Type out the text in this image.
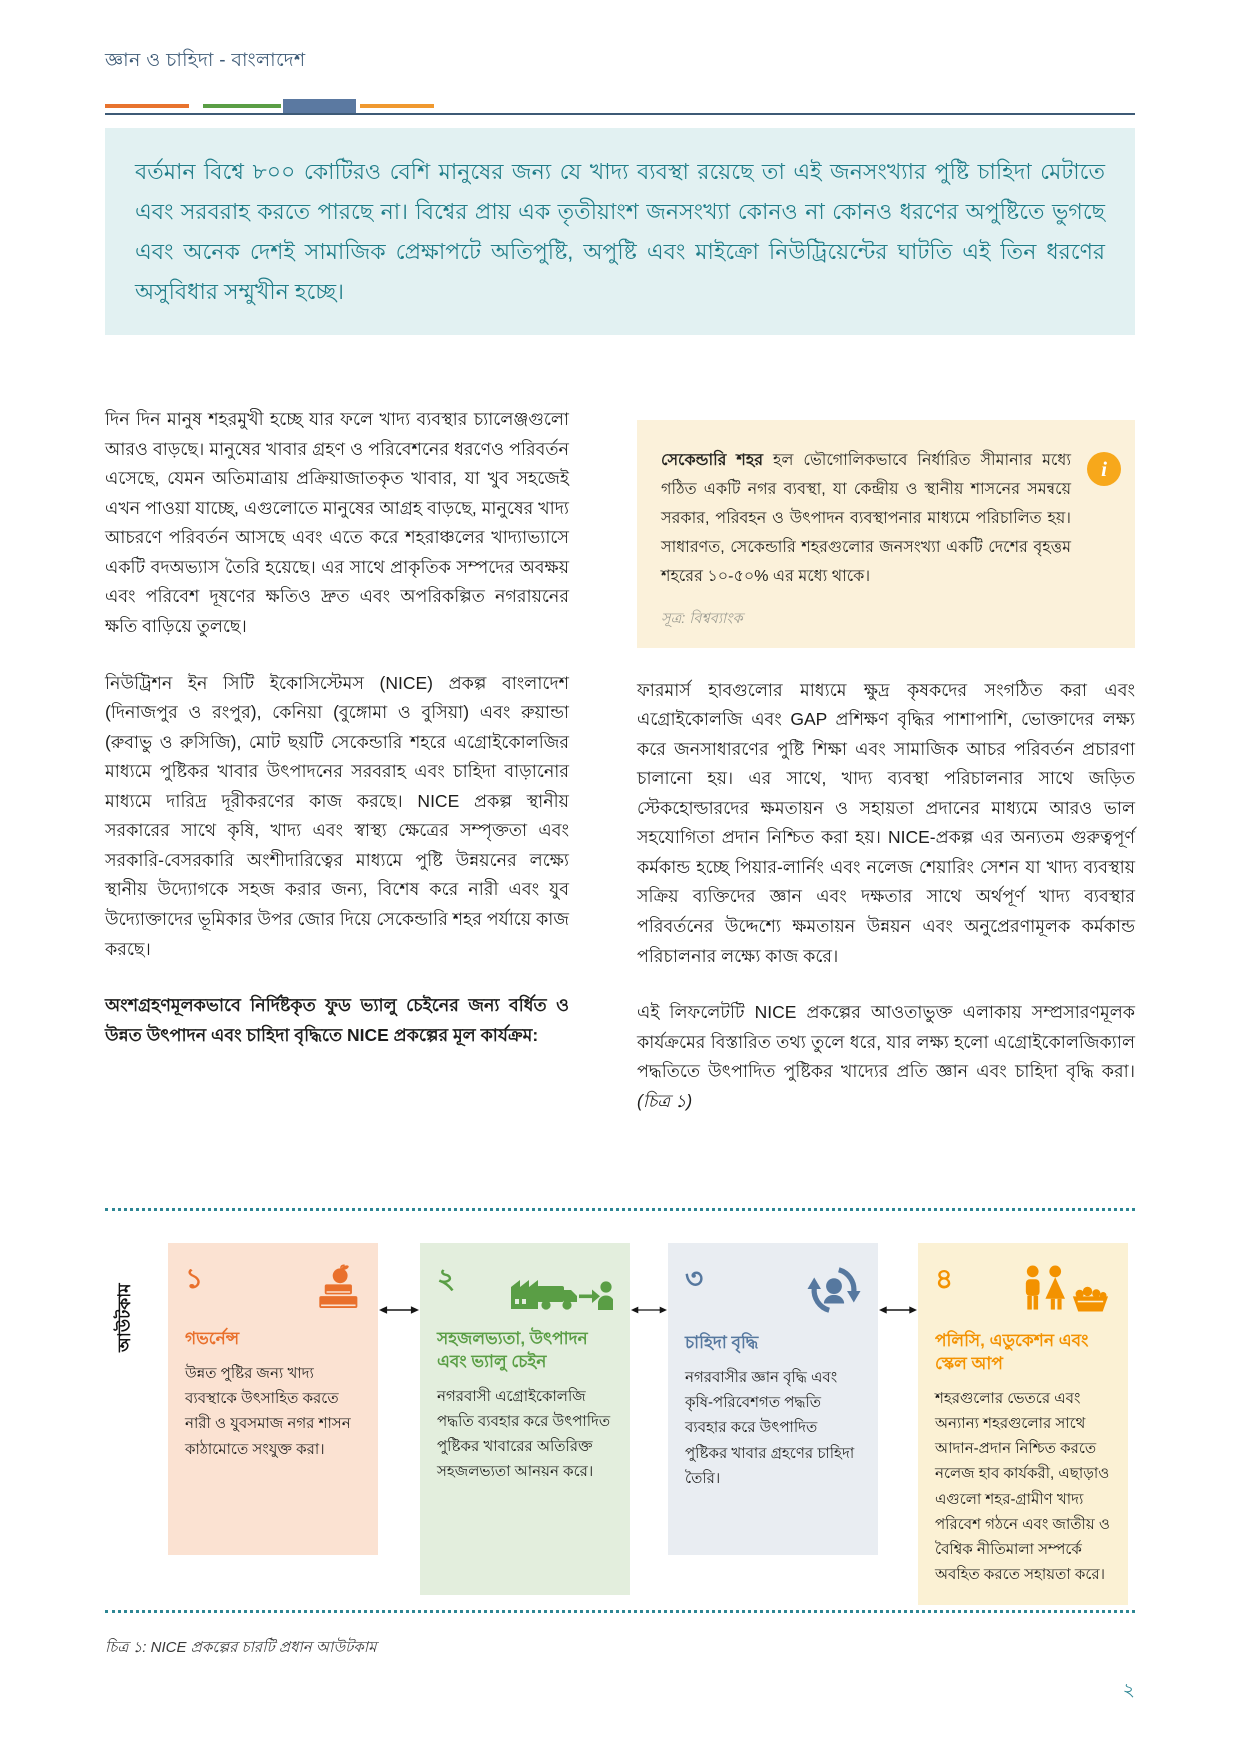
জ্ঞান ও চাহিদা - বাংলাদেশ

বর্তমান বিশ্বে ৮০০ কোটিরও বেশি মানুষের জন্য যে খাদ্য ব্যবস্থা রয়েছে তা এই জনসংখ্যার পুষ্টি চাহিদা মেটাতে এবং সরবরাহ করতে পারছে না। বিশ্বের প্রায় এক তৃতীয়াংশ জনসংখ্যা কোনও না কোনও ধরণের অপুষ্টিতে ভুগছে এবং অনেক দেশই সামাজিক প্রেক্ষাপটে অতিপুষ্টি, অপুষ্টি এবং মাইক্রো নিউট্রিয়েন্টের ঘাটতি এই তিন ধরণের অসুবিধার সম্মুখীন হচ্ছে।

দিন দিন মানুষ শহরমুখী হচ্ছে যার ফলে খাদ্য ব্যবস্থার চ্যালেঞ্জগুলো আরও বাড়ছে। মানুষের খাবার গ্রহণ ও পরিবেশনের ধরণেও পরিবর্তন এসেছে, যেমন অতিমাত্রায় প্রক্রিয়াজাতকৃত খাবার, যা খুব সহজেই এখন পাওয়া যাচ্ছে, এগুলোতে মানুষের আগ্রহ বাড়ছে, মানুষের খাদ্য আচরণে পরিবর্তন আসছে এবং এতে করে শহরাঞ্চলের খাদ্যাভ্যাসে একটি বদঅভ্যাস তৈরি হয়েছে। এর সাথে প্রাকৃতিক সম্পদের অবক্ষয় এবং পরিবেশ দূষণের ক্ষতিও দ্রুত এবং অপরিকল্পিত নগরায়নের ক্ষতি বাড়িয়ে তুলছে।

নিউট্রিশন ইন সিটি ইকোসিস্টেমস (NICE) প্রকল্প বাংলাদেশ (দিনাজপুর ও রংপুর), কেনিয়া (বুঙ্গোমা ও বুসিয়া) এবং রুয়ান্ডা (রুবাভু ও রুসিজি), মোট ছয়টি সেকেন্ডারি শহরে এগ্রোইকোলজির মাধ্যমে পুষ্টিকর খাবার উৎপাদনের সরবরাহ এবং চাহিদা বাড়ানোর মাধ্যমে দারিদ্র দূরীকরণের কাজ করছে। NICE প্রকল্প স্থানীয় সরকারের সাথে কৃষি, খাদ্য এবং স্বাস্থ্য ক্ষেত্রের সম্পৃক্ততা এবং সরকারি-বেসরকারি অংশীদারিত্বের মাধ্যমে পুষ্টি উন্নয়নের লক্ষ্যে স্থানীয় উদ্যোগকে সহজ করার জন্য, বিশেষ করে নারী এবং যুব উদ্যোক্তাদের ভূমিকার উপর জোর দিয়ে সেকেন্ডারি শহর পর্যায়ে কাজ করছে।

অংশগ্রহণমূলকভাবে নির্দিষ্টকৃত ফুড ভ্যালু চেইনের জন্য বর্ধিত ও উন্নত উৎপাদন এবং চাহিদা বৃদ্ধিতে NICE প্রকল্পের মূল কার্যক্রম:

সেকেন্ডারি শহর হল ভৌগোলিকভাবে নির্ধারিত সীমানার মধ্যে গঠিত একটি নগর ব্যবস্থা, যা কেন্দ্রীয় ও স্থানীয় শাসনের সমন্বয়ে সরকার, পরিবহন ও উৎপাদন ব্যবস্থাপনার মাধ্যমে পরিচালিত হয়। সাধারণত, সেকেন্ডারি শহরগুলোর জনসংখ্যা একটি দেশের বৃহত্তম শহরের ১০-৫০% এর মধ্যে থাকে।

সূত্র: বিশ্বব্যাংক

i

ফারমার্স হাবগুলোর মাধ্যমে ক্ষুদ্র কৃষকদের সংগঠিত করা এবং এগ্রোইকোলজি এবং GAP প্রশিক্ষণ বৃদ্ধির পাশাপাশি, ভোক্তাদের লক্ষ্য করে জনসাধারণের পুষ্টি শিক্ষা এবং সামাজিক আচর পরিবর্তন প্রচারণা চালানো হয়। এর সাথে, খাদ্য ব্যবস্থা পরিচালনার সাথে জড়িত স্টেকহোল্ডারদের ক্ষমতায়ন ও সহায়তা প্রদানের মাধ্যমে আরও ভাল সহযোগিতা প্রদান নিশ্চিত করা হয়। NICE-প্রকল্প এর অন্যতম গুরুত্বপূর্ণ কর্মকান্ড হচ্ছে পিয়ার-লার্নিং এবং নলেজ শেয়ারিং সেশন যা খাদ্য ব্যবস্থায় সক্রিয় ব্যক্তিদের জ্ঞান এবং দক্ষতার সাথে অর্থপূর্ণ খাদ্য ব্যবস্থার পরিবর্তনের উদ্দেশ্যে ক্ষমতায়ন উন্নয়ন এবং অনুপ্রেরণামূলক কর্মকান্ড পরিচালনার লক্ষ্যে কাজ করে।

এই লিফলেটটি NICE প্রকল্পের আওতাভুক্ত এলাকায় সম্প্রসারণমূলক কার্যক্রমের বিস্তারিত তথ্য তুলে ধরে, যার লক্ষ্য হলো এগ্রোইকোলজিক্যাল পদ্ধতিতে উৎপাদিত পুষ্টিকর খাদ্যের প্রতি জ্ঞান এবং চাহিদা বৃদ্ধি করা। (চিত্র ১)

আউটকাম
১
গভর্নেন্স

উন্নত পুষ্টির জন্য খাদ্য ব্যবস্থাকে উৎসাহিত করতে নারী ও যুবসমাজ নগর শাসন কাঠামোতে সংযুক্ত করা।

২
সহজলভ্যতা, উৎপাদন এবং ভ্যালু চেইন

নগরবাসী এগ্রোইকোলজি পদ্ধতি ব্যবহার করে উৎপাদিত পুষ্টিকর খাবারের অতিরিক্ত সহজলভ্যতা আনয়ন করে।

৩
চাহিদা বৃদ্ধি

নগরবাসীর জ্ঞান বৃদ্ধি এবং কৃষি-পরিবেশগত পদ্ধতি ব্যবহার করে উৎপাদিত পুষ্টিকর খাবার গ্রহণের চাহিদা তৈরি।

৪
পলিসি, এডুকেশন এবং স্কেল আপ

শহরগুলোর ভেতরে এবং অন্যান্য শহরগুলোর সাথে আদান-প্রদান নিশ্চিত করতে নলেজ হাব কার্যকরী, এছাড়াও এগুলো শহর-গ্রামীণ খাদ্য পরিবেশ গঠনে এবং জাতীয় ও বৈশ্বিক নীতিমালা সম্পর্কে অবহিত করতে সহায়তা করে।

চিত্র ১: NICE প্রকল্পের চারটি প্রধান আউটকাম
২
